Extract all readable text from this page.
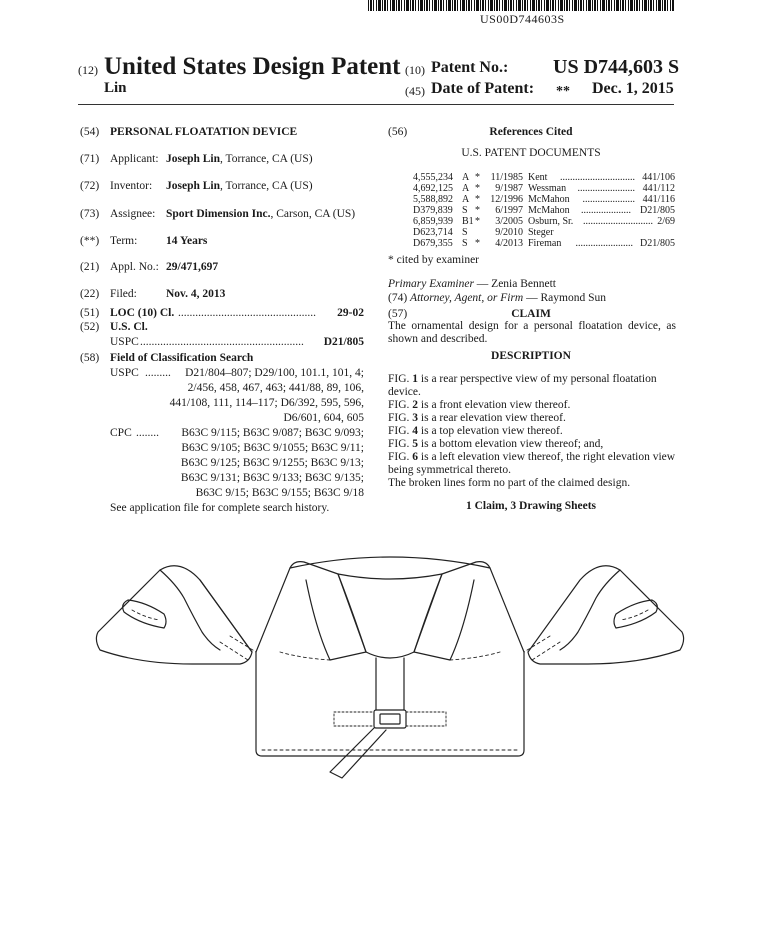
US00D744603S
(12) United States Design Patent
Lin
(10) Patent No.: US D744,603 S
(45) Date of Patent: ** Dec. 1, 2015
(54) PERSONAL FLOATATION DEVICE
(71) Applicant: Joseph Lin, Torrance, CA (US)
(72) Inventor: Joseph Lin, Torrance, CA (US)
(73) Assignee: Sport Dimension Inc., Carson, CA (US)
(**) Term: 14 Years
(21) Appl. No.: 29/471,697
(22) Filed:	Nov. 4, 2013
(51) LOC (10) Cl. ................................................	29-02
(52) U.S. Cl.
USPC .........................................................	D21/805
(58) Field of Classification Search
USPC .........	D21/804–807; D29/100, 101.1, 101, 4;
2/456, 458, 467, 463; 441/88, 89, 106,
441/108, 111, 114–117; D6/392, 595, 596,
D6/601, 604, 605
CPC ........	B63C 9/115; B63C 9/087; B63C 9/093;
B63C 9/105; B63C 9/1055; B63C 9/11;
B63C 9/125; B63C 9/1255; B63C 9/13;
B63C 9/131; B63C 9/133; B63C 9/135;
B63C 9/15; B63C 9/155; B63C 9/18
See application file for complete search history.
(56)	References Cited
U.S. PATENT DOCUMENTS
4,555,234 A *	11/1985 Kent	.............................. 441/106
4,692,125 A *	9/1987 Wessman	....................... 441/112
5,588,892 A *	12/1996 McMahon	..................... 441/116
D379,839 S *	6/1997 McMahon	.................... D21/805
6,859,939 B1 *	3/2005 Osburn, Sr. ............................ 2/69
D623,714 S	9/2010 Steger
D679,355 S *	4/2013 Fireman	....................... D21/805
* cited by examiner
Primary Examiner — Zenia Bennett
(74) Attorney, Agent, or Firm — Raymond Sun
(57)	CLAIM
The ornamental design for a personal floatation device, as shown and described.
DESCRIPTION
FIG. 1 is a rear perspective view of my personal floatation device.
FIG. 2 is a front elevation view thereof.
FIG. 3 is a rear elevation view thereof.
FIG. 4 is a top elevation view thereof.
FIG. 5 is a bottom elevation view thereof; and,
FIG. 6 is a left elevation view thereof, the right elevation view being symmetrical thereto.
The broken lines form no part of the claimed design.
1 Claim, 3 Drawing Sheets
